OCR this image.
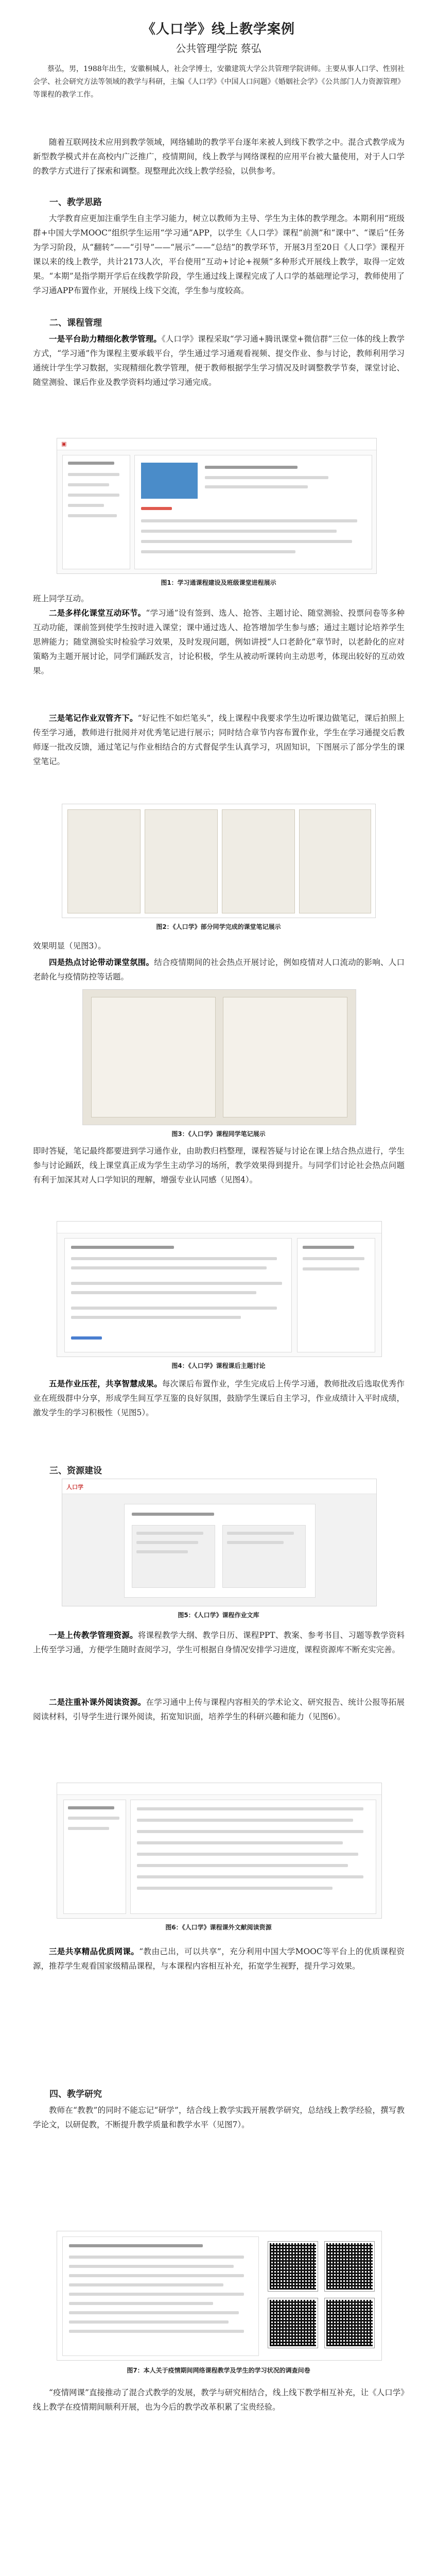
《人口学》线上教学案例
公共管理学院 蔡弘
蔡弘，男，1988年出生，安徽桐城人，社会学博士，安徽建筑大学公共管理学院讲师。主要从事人口学、性别社会学、社会研究方法等领域的教学与科研，主编《人口学》《中国人口问题》《婚姻社会学》《公共部门人力资源管理》等课程的教学工作。

随着互联网技术应用到教学领域，网络辅助的教学平台逐年来被人到线下教学之中。混合式教学成为新型教学模式并在高校内广泛推广，疫情期间，线上教学与网络课程的应用平台被大量使用，对于人口学的教学方式进行了探索和调整。现整理此次线上教学经验，以供参考。

一、教学思路

大学教育应更加注重学生自主学习能力，树立以教师为主导、学生为主体的教学理念。本期利用“班级群+中国大学MOOC”组织学生运用“学习通”APP，以学生《人口学》课程“前测”和“课中”、“课后”任务为学习阶段，从“翻转”——“引导”——“展示”——“总结”的教学环节，开展3月至20日《人口学》课程开课以来的线上教学，共计2173人次，平台使用“互动+讨论+视频”多种形式开展线上教学，取得一定效果。“本期”是指学期开学后在线教学阶段，学生通过线上课程完成了人口学的基础理论学习，教师使用了学习通APP布置作业，开展线上线下交流，学生参与度较高。

二、课程管理

一是平台助力精细化教学管理。《人口学》课程采取“学习通+腾讯课堂+微信群”三位一体的线上教学方式，“学习通”作为课程主要承载平台，学生通过学习通观看视频、提交作业、参与讨论，教师利用学习通统计学生学习数据，实现精细化教学管理，便于教师根据学生学习情况及时调整教学节奏，课堂讨论、随堂测验、课后作业及教学资料均通过学习通完成。

▣
图1：学习通课程建设及班级课堂进程展示

班上同学互动。

二是多样化课堂互动环节。“学习通”设有签到、选人、抢答、主题讨论、随堂测验、投票问卷等多种互动功能，课前签到使学生按时进入课堂；课中通过选人、抢答增加学生参与感；通过主题讨论培养学生思辨能力；随堂测验实时检验学习效果，及时发现问题，例如讲授“人口老龄化”章节时，以老龄化的应对策略为主题开展讨论，同学们踊跃发言，讨论积极，学生从被动听课转向主动思考，体现出较好的互动效果。

三是笔记作业双管齐下。“好记性不如烂笔头”，线上课程中我要求学生边听课边做笔记，课后拍照上传至学习通，教师进行批阅并对优秀笔记进行展示；同时结合章节内容布置作业，学生在学习通提交后教师逐一批改反馈，通过笔记与作业相结合的方式督促学生认真学习，巩固知识，下图展示了部分学生的课堂笔记。

图2：《人口学》部分同学完成的课堂笔记展示

效果明显（见图3）。

四是热点讨论带动课堂氛围。结合疫情期间的社会热点开展讨论，例如疫情对人口流动的影响、人口老龄化与疫情防控等话题。

图3：《人口学》课程同学笔记展示

即时答疑，笔记最终都要进到学习通作业，由助教归档整理，课程答疑与讨论在课上结合热点进行，学生参与讨论踊跃，线上课堂真正成为学生主动学习的场所，教学效果得到提升。与同学们讨论社会热点问题有利于加深其对人口学知识的理解，增强专业认同感（见图4）。

图4：《人口学》课程课后主题讨论

五是作业压茬，共享智慧成果。每次课后布置作业，学生完成后上传学习通，教师批改后选取优秀作业在班级群中分享，形成学生间互学互鉴的良好氛围，鼓励学生课后自主学习，作业成绩计入平时成绩，激发学生的学习积极性（见图5）。

三、资源建设
人口学
图5：《人口学》课程作业文库

一是上传教学管理资源。将课程教学大纲、教学日历、课程PPT、教案、参考书目、习题等教学资料上传至学习通，方便学生随时查阅学习，学生可根据自身情况安排学习进度，课程资源库不断充实完善。

二是注重补课外阅读资源。在学习通中上传与课程内容相关的学术论文、研究报告、统计公报等拓展阅读材料，引导学生进行课外阅读，拓宽知识面，培养学生的科研兴趣和能力（见图6）。

图6：《人口学》课程课外文献阅读资源

三是共享精品优质网课。“教由己出，可以共享”，充分利用中国大学MOOC等平台上的优质课程资源，推荐学生观看国家级精品课程，与本课程内容相互补充，拓宽学生视野，提升学习效果。

四、教学研究

教师在“教教”的同时不能忘记“研学”，结合线上教学实践开展教学研究，总结线上教学经验，撰写教学论文，以研促教，不断提升教学质量和教学水平（见图7）。

图7：本人关于疫情期间网络课程教学及学生的学习状况的调查问卷

“疫情网课”直接推动了混合式教学的发展，教学与研究相结合，线上线下教学相互补充，让《人口学》线上教学在疫情期间顺利开展，也为今后的教学改革积累了宝贵经验。
